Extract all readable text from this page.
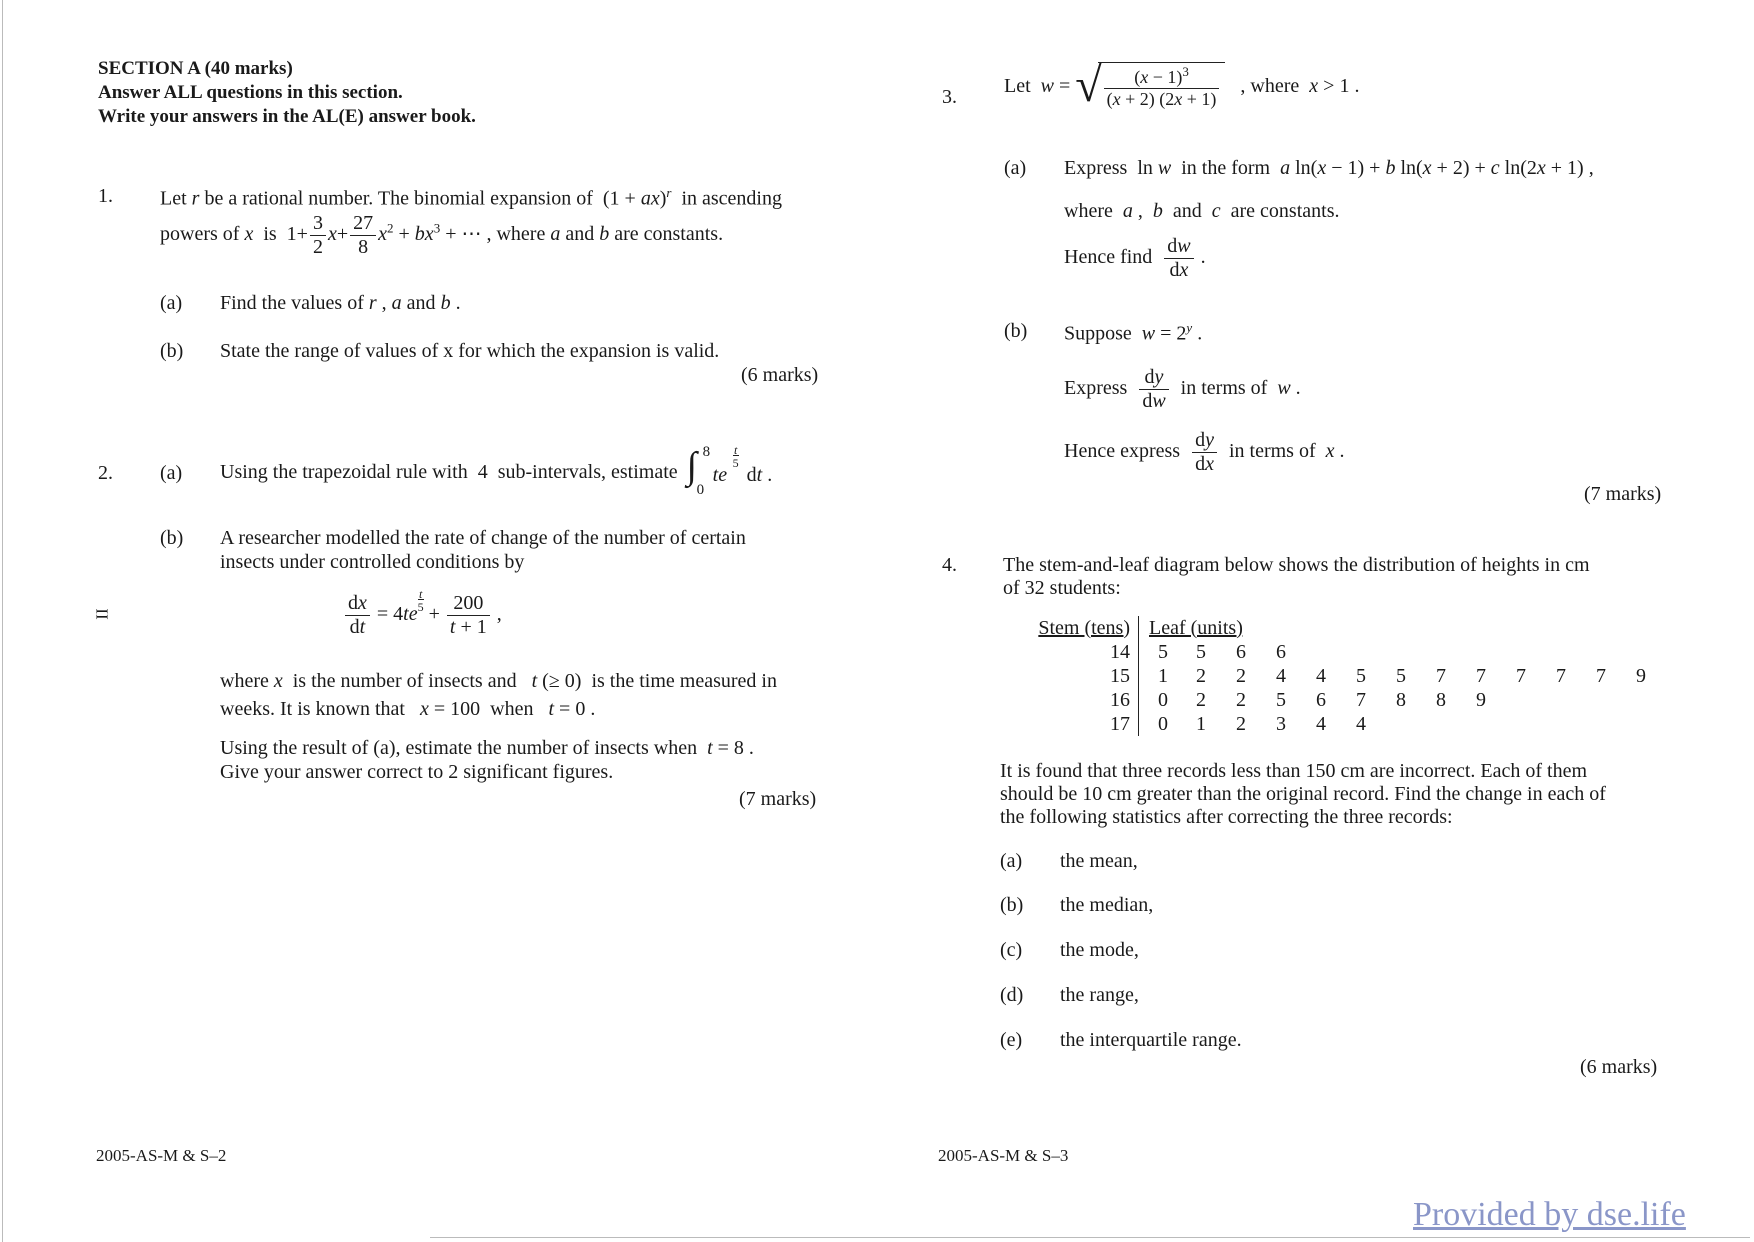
SECTION A (40 marks)
Answer ALL questions in this section.
Write your answers in the AL(E) answer book.
1. Let r be a rational number. The binomial expansion of  (1 + ax)$^r$  in ascending
powers of x  is  $1+ \frac{3}{2} x+ \frac{27}{8} x^2 + bx^3$ + ⋯ , where a and b are constants.
(a) Find the values of r , a and b .
(b) State the range of values of x for which the expansion is valid.
(6 marks)
2. (a) Using the trapezoidal rule with  4  sub-intervals, estimate ∫ 8
0
te
t
5
dt .
(b) A researcher modelled the rate of change of the number of certain
insects under controlled conditions by
II	$\frac{dx}{dt} = 4te\frac{t}{5} + \frac{200}{t + 1}$ ,
where x  is the number of insects and   t (≥ 0)  is the time measured in
weeks. It is known that   x = 100  when   t = 0 .
Using the result of (a), estimate the number of insects when t = 8 .
Give your answer correct to 2 significant figures.
(7 marks)
2005-AS-M & S–2
3.
Let  w = √ $\frac{(x - 1)^3}{(x + 2) (2x + 1)}$ , where  x > 1 .
(a) Express  ln w  in the form  a ln(x − 1) + b ln(x + 2) + c ln(2x + 1) ,
where  a ,  b  and  c  are constants.
Hence find $\frac{dw}{dx}$ .
(b) Suppose  $w = 2^y$ .
Express $\frac{dy}{dw}$ in terms of  w .
Hence express $\frac{dy}{dx}$ in terms of  x .
(7 marks)
4. The stem-and-leaf diagram below shows the distribution of heights in cm
of 32 students:
Stem (tens)	Leaf (units)												
14	5	5	6	6									
15	1	2	2	4	4	5	5	7	7	7	7	7	9
16	0	2	2	5	6	7	8	8	9				
17	0	1	2	3	4	4							
It is found that three records less than 150 cm are incorrect. Each of them
should be 10 cm greater than the original record. Find the change in each of
the following statistics after correcting the three records:
(a) the mean,
(b) the median,
(c) the mode,
(d) the range,
(e) the interquartile range.
(6 marks)
2005-AS-M & S–3
Provided by dse.life
